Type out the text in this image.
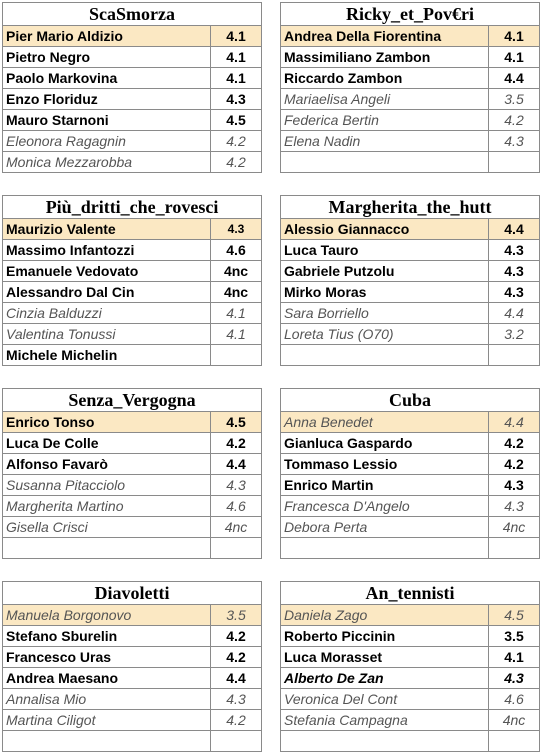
ScaSmorza	
Pier Mario Aldizio	4.1
Pietro Negro	4.1
Paolo Markovina	4.1
Enzo Floriduz	4.3
Mauro Starnoni	4.5
Eleonora Ragagnin	4.2
Monica Mezzarobba	4.2
Ricky_et_Pov€ri	
Andrea Della Fiorentina	4.1
Massimiliano Zambon	4.1
Riccardo Zambon	4.4
Mariaelisa Angeli	3.5
Federica Bertin	4.2
Elena Nadin	4.3

Più_dritti_che_rovesci	
Maurizio Valente	4.3
Massimo Infantozzi	4.6
Emanuele Vedovato	4nc
Alessandro Dal Cin	4nc
Cinzia Balduzzi	4.1
Valentina Tonussi	4.1
Michele Michelin	
Margherita_the_hutt	
Alessio Giannacco	4.4
Luca Tauro	4.3
Gabriele Putzolu	4.3
Mirko Moras	4.3
Sara Borriello	4.4
Loreta Tius (O70)	3.2

Senza_Vergogna	
Enrico Tonso	4.5
Luca De Colle	4.2
Alfonso Favarò	4.4
Susanna Pitacciolo	4.3
Margherita Martino	4.6
Gisella Crisci	4nc

Cuba	
Anna Benedet	4.4
Gianluca Gaspardo	4.2
Tommaso Lessio	4.2
Enrico Martin	4.3
Francesca D'Angelo	4.3
Debora Perta	4nc

Diavoletti	
Manuela Borgonovo	3.5
Stefano Sburelin	4.2
Francesco Uras	4.2
Andrea Maesano	4.4
Annalisa Mio	4.3
Martina Ciligot	4.2

An_tennisti	
Daniela Zago	4.5
Roberto Piccinin	3.5
Luca Morasset	4.1
Alberto De Zan	4.3
Veronica Del Cont	4.6
Stefania Campagna	4nc
